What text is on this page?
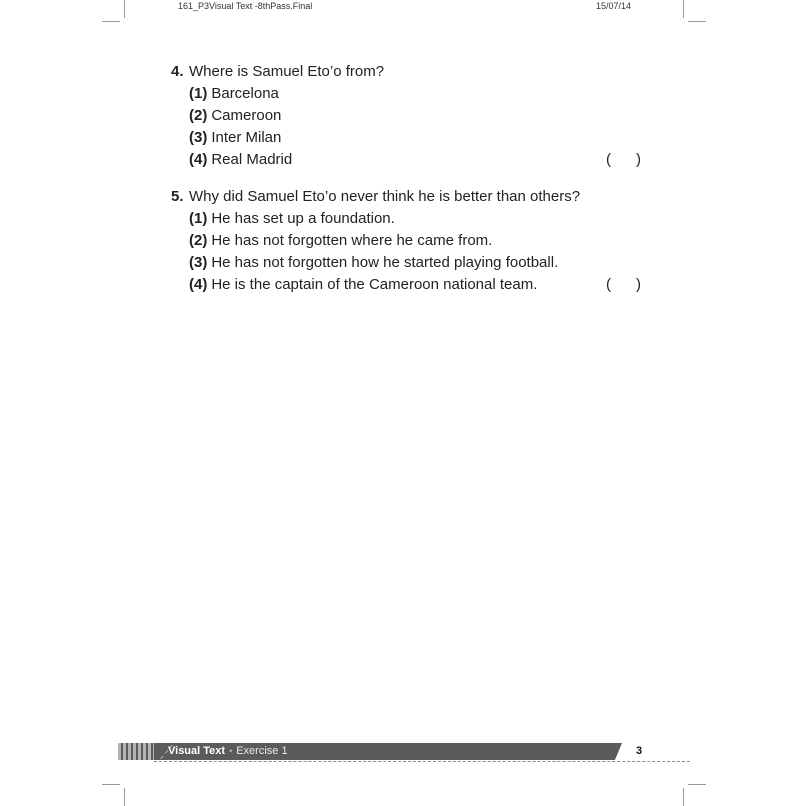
161_P3Visual Text -8thPass.Final	15/07/14
4. Where is Samuel Eto’o from?
(1) Barcelona
(2) Cameroon
(3) Inter Milan
(4) Real Madrid	(      )
5. Why did Samuel Eto’o never think he is better than others?
(1) He has set up a foundation.
(2) He has not forgotten where he came from.
(3) He has not forgotten how he started playing football.
(4) He is the captain of the Cameroon national team.	(      )
Visual Text • Exercise 1	3
